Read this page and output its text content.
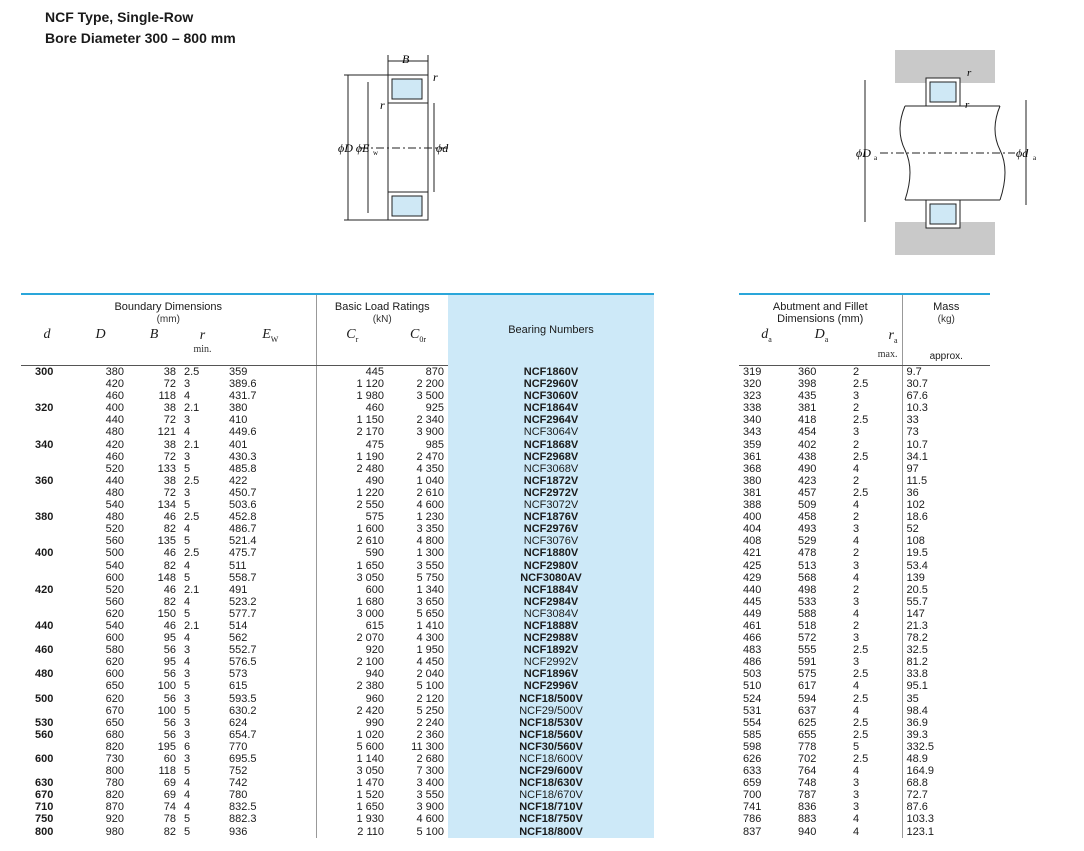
NCF Type, Single-Row
Bore Diameter 300 – 800 mm
B
r
r
ϕD ϕE w	ϕd
r
r
ϕD a	ϕd a
Boundary Dimensions
(mm)					Basic Load Ratings
(kN)		Bearing Numbers
d	D	B	r
min.	$E_W$	$C_r$	$C_{0r}$
300	380	38	2.5	359	445	870	NCF1860V
	420	72	3	389.6	1 120	2 200	NCF2960V
	460	118	4	431.7	1 980	3 500	NCF3060V
320	400	38	2.1	380	460	925	NCF1864V
	440	72	3	410	1 150	2 340	NCF2964V
	480	121	4	449.6	2 170	3 900	NCF3064V
340	420	38	2.1	401	475	985	NCF1868V
	460	72	3	430.3	1 190	2 470	NCF2968V
	520	133	5	485.8	2 480	4 350	NCF3068V
360	440	38	2.5	422	490	1 040	NCF1872V
	480	72	3	450.7	1 220	2 610	NCF2972V
	540	134	5	503.6	2 550	4 600	NCF3072V
380	480	46	2.5	452.8	575	1 230	NCF1876V
	520	82	4	486.7	1 600	3 350	NCF2976V
	560	135	5	521.4	2 610	4 800	NCF3076V
400	500	46	2.5	475.7	590	1 300	NCF1880V
	540	82	4	511	1 650	3 550	NCF2980V
	600	148	5	558.7	3 050	5 750	NCF3080AV
420	520	46	2.1	491	600	1 340	NCF1884V
	560	82	4	523.2	1 680	3 650	NCF2984V
	620	150	5	577.7	3 000	5 650	NCF3084V
440	540	46	2.1	514	615	1 410	NCF1888V
	600	95	4	562	2 070	4 300	NCF2988V
460	580	56	3	552.7	920	1 950	NCF1892V
	620	95	4	576.5	2 100	4 450	NCF2992V
480	600	56	3	573	940	2 040	NCF1896V
	650	100	5	615	2 380	5 100	NCF2996V
500	620	56	3	593.5	960	2 120	NCF18/500V
	670	100	5	630.2	2 420	5 250	NCF29/500V
530	650	56	3	624	990	2 240	NCF18/530V
560	680	56	3	654.7	1 020	2 360	NCF18/560V
	820	195	6	770	5 600	11 300	NCF30/560V
600	730	60	3	695.5	1 140	2 680	NCF18/600V
	800	118	5	752	3 050	7 300	NCF29/600V
630	780	69	4	742	1 470	3 400	NCF18/630V
670	820	69	4	780	1 520	3 550	NCF18/670V
710	870	74	4	832.5	1 650	3 900	NCF18/710V
750	920	78	5	882.3	1 930	4 600	NCF18/750V
800	980	82	5	936	2 110	5 100	NCF18/800V
Abutment and Fillet
Dimensions (mm)			Mass
(kg)
$d_a$	$D_a$	$r_a$
max.	approx.
319	360	2	9.7
320	398	2.5	30.7
323	435	3	67.6
338	381	2	10.3
340	418	2.5	33
343	454	3	73
359	402	2	10.7
361	438	2.5	34.1
368	490	4	97
380	423	2	11.5
381	457	2.5	36
388	509	4	102
400	458	2	18.6
404	493	3	52
408	529	4	108
421	478	2	19.5
425	513	3	53.4
429	568	4	139
440	498	2	20.5
445	533	3	55.7
449	588	4	147
461	518	2	21.3
466	572	3	78.2
483	555	2.5	32.5
486	591	3	81.2
503	575	2.5	33.8
510	617	4	95.1
524	594	2.5	35
531	637	4	98.4
554	625	2.5	36.9
585	655	2.5	39.3
598	778	5	332.5
626	702	2.5	48.9
633	764	4	164.9
659	748	3	68.8
700	787	3	72.7
741	836	3	87.6
786	883	4	103.3
837	940	4	123.1
